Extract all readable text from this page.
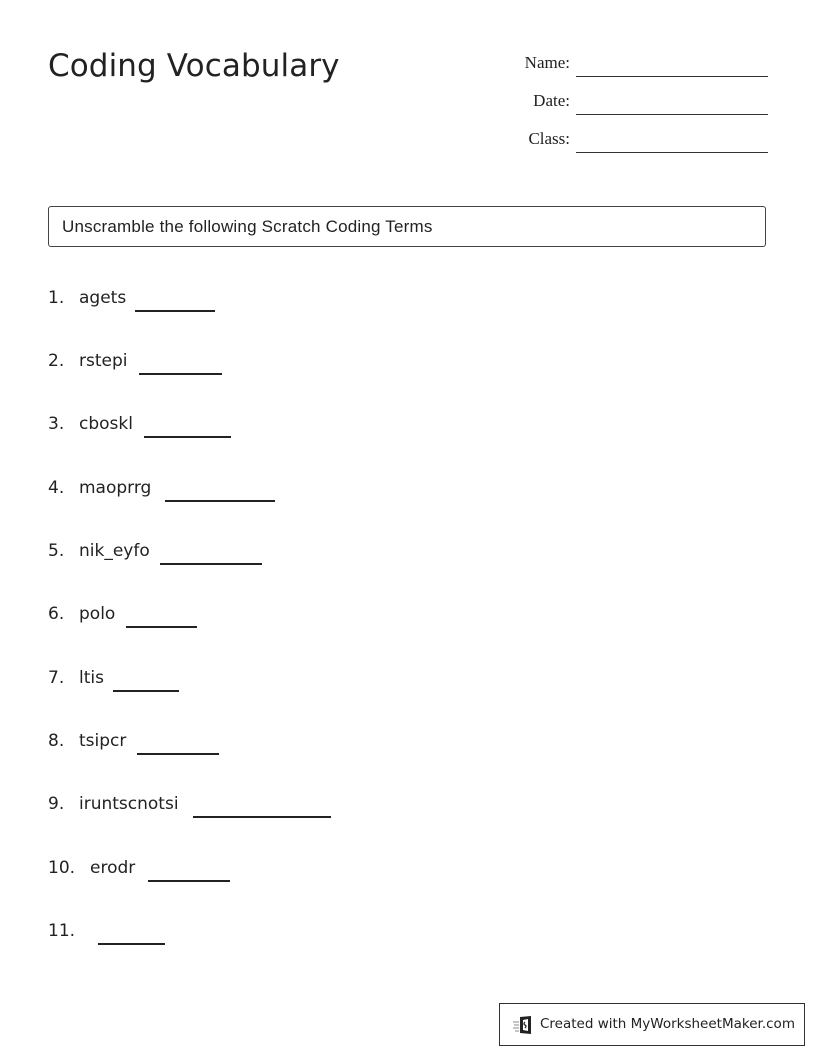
Coding Vocabulary	Name:
Date:
Class:
Unscramble the following Scratch Coding Terms
1. agets
2. rstepi
3. cboskl
4. maoprrg
5. nik_eyfo
6. polo
7. ltis
8. tsipcr
9. iruntscnotsi
10. erodr
11.
Created with MyWorksheetMaker.com
